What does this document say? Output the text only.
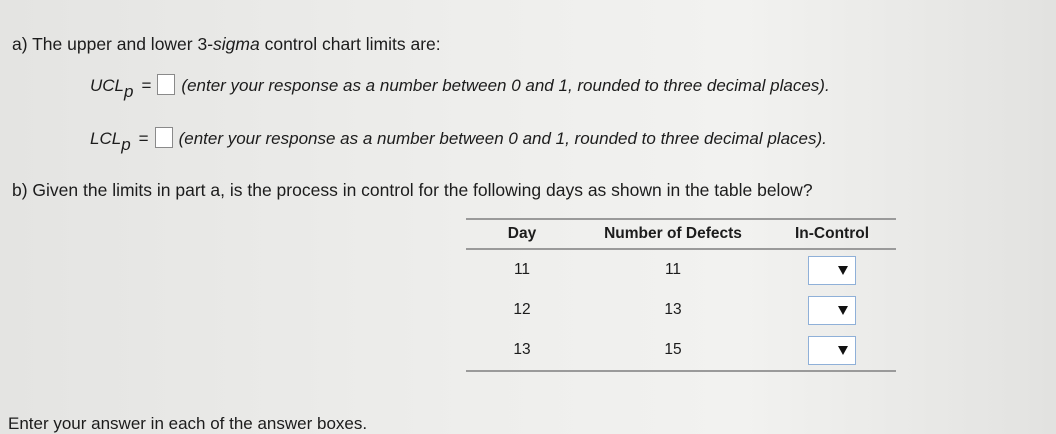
a) The upper and lower 3-sigma control chart limits are:
$UCL_p$ = (enter your response as a number between 0 and 1, rounded to three decimal places).
$LCL_p$ = (enter your response as a number between 0 and 1, rounded to three decimal places).
b) Given the limits in part a, is the process in control for the following days as shown in the table below?
Day	Number of Defects	In-Control
11	11	

12	13	

13	15	
Enter your answer in each of the answer boxes.
